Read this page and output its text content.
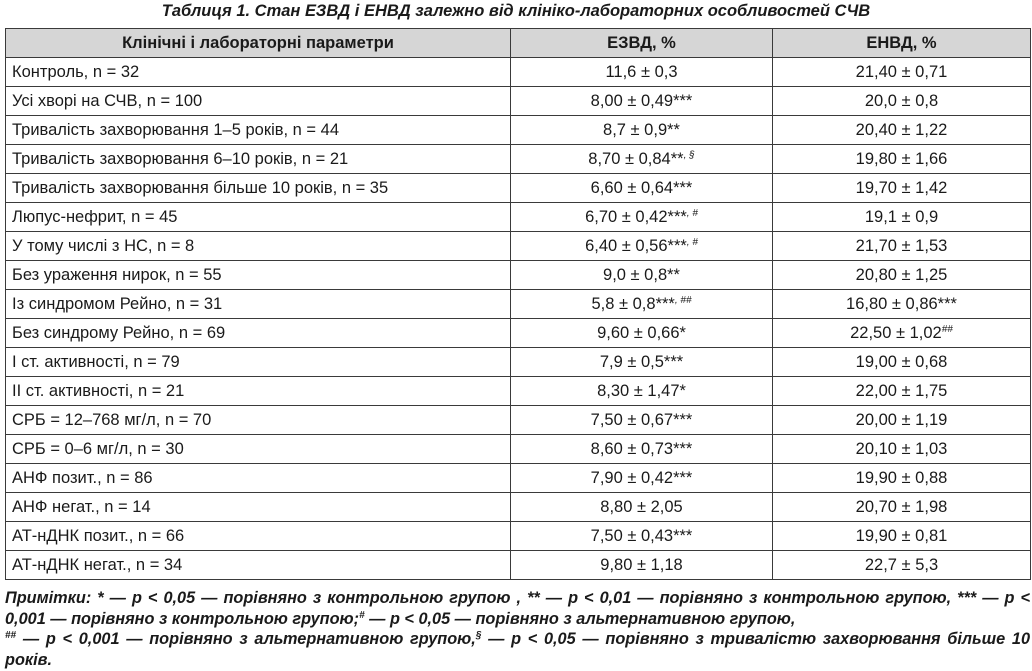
Таблиця 1. Стан ЕЗВД і ЕНВД залежно від клініко-лабораторних особливостей СЧВ
Клінічні і лабораторні параметри	ЕЗВД, %	ЕНВД, %
Контроль, n = 32	11,6 ± 0,3	21,40 ± 0,71
Усі хворі на СЧВ, n = 100	8,00 ± 0,49***	20,0 ± 0,8
Тривалість захворювання 1–5 років, n = 44	8,7 ± 0,9**	20,40 ± 1,22
Тривалість захворювання 6–10 років, n = 21	8,70 ± 0,84**, §	19,80 ± 1,66
Тривалість захворювання більше 10 років, n = 35	6,60 ± 0,64***	19,70 ± 1,42
Люпус-нефрит, n = 45	6,70 ± 0,42***, #	19,1 ± 0,9
У тому числі з НС, n = 8	6,40 ± 0,56***, #	21,70 ± 1,53
Без ураження нирок, n = 55	9,0 ± 0,8**	20,80 ± 1,25
Із синдромом Рейно, n = 31	5,8 ± 0,8***, ##	16,80 ± 0,86***
Без синдрому Рейно, n = 69	9,60 ± 0,66*	22,50 ± 1,02##
I ст. активності, n = 79	7,9 ± 0,5***	19,00 ± 0,68
II ст. активності, n = 21	8,30 ± 1,47*	22,00 ± 1,75
СРБ = 12–768 мг/л, n = 70	7,50 ± 0,67***	20,00 ± 1,19
СРБ = 0–6 мг/л, n = 30	8,60 ± 0,73***	20,10 ± 1,03
АНФ позит., n = 86	7,90 ± 0,42***	19,90 ± 0,88
АНФ негат., n = 14	8,80 ± 2,05	20,70 ± 1,98
АТ-нДНК позит., n = 66	7,50 ± 0,43***	19,90 ± 0,81
АТ-нДНК негат., n = 34	9,80 ± 1,18	22,7 ± 5,3
Примітки: * — p < 0,05 — порівняно з контрольною групою , ** — p < 0,01 — порівняно з контрольною групою, *** — p < 0,001 — порівняно з контрольною групою;# — p < 0,05 — порівняно з альтернативною групою,
## — p < 0,001 — порівняно з альтернативною групою,§ — p < 0,05 — порівняно з тривалістю захворювання більше 10 років.
